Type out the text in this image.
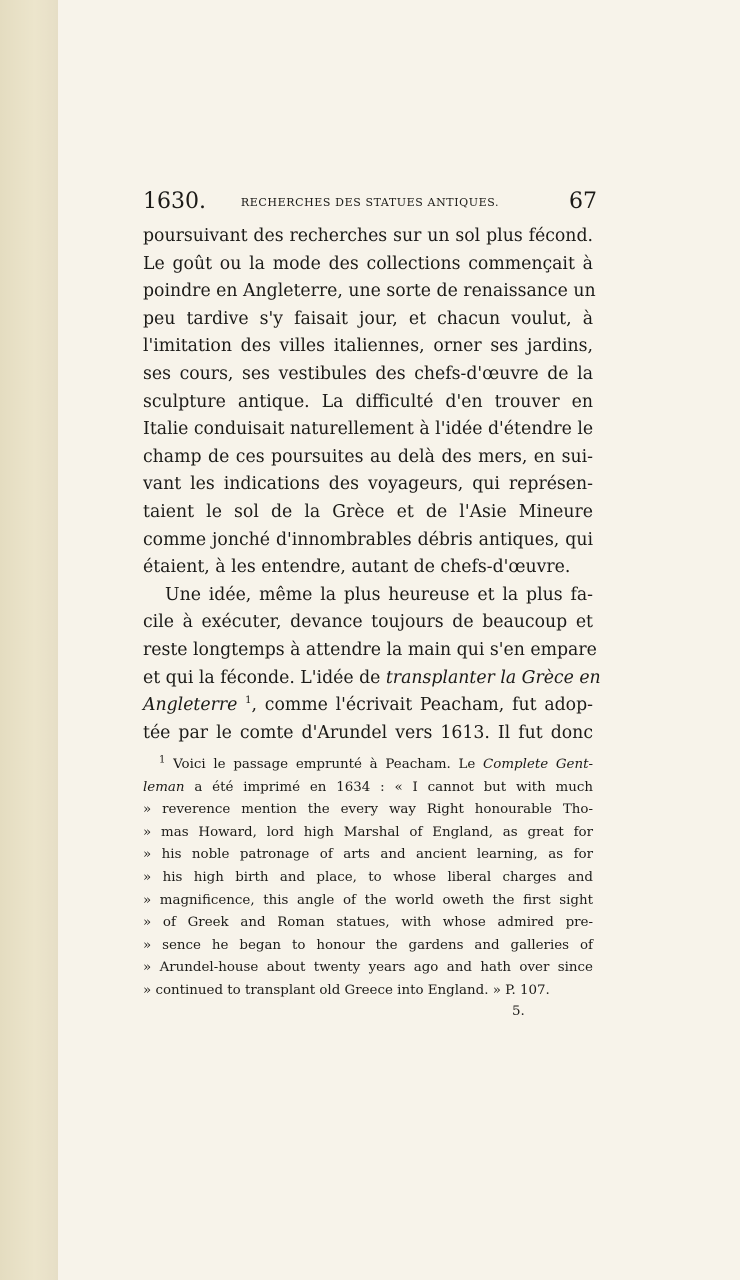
1630.	RECHERCHES DES STATUES ANTIQUES.	67
poursuivant des recherches sur un sol plus fécond.
Le goût ou la mode des collections commençait à
poindre en Angleterre, une sorte de renaissance un
peu tardive s'y faisait jour, et chacun voulut, à
l'imitation des villes italiennes, orner ses jardins,
ses cours, ses vestibules des chefs-d'œuvre de la
sculpture antique. La difficulté d'en trouver en
Italie conduisait naturellement à l'idée d'étendre le
champ de ces poursuites au delà des mers, en sui-
vant les indications des voyageurs, qui représen-
taient le sol de la Grèce et de l'Asie Mineure
comme jonché d'innombrables débris antiques, qui
étaient, à les entendre, autant de chefs-d'œuvre.
Une idée, même la plus heureuse et la plus fa-
cile à exécuter, devance toujours de beaucoup et
reste longtemps à attendre la main qui s'en empare
et qui la féconde. L'idée de transplanter la Grèce en
Angleterre $^1$, comme l'écrivait Peacham, fut adop-
tée par le comte d'Arundel vers 1613. Il fut donc
$^1$ Voici le passage emprunté à Peacham. Le Complete Gent-
leman a été imprimé en 1634 : « I cannot but with much
» reverence mention the every way Right honourable Tho-
» mas Howard, lord high Marshal of England, as great for
» his noble patronage of arts and ancient learning, as for
» his high birth and place, to whose liberal charges and
» magnificence, this angle of the world oweth the first sight
» of Greek and Roman statues, with whose admired pre-
» sence he began to honour the gardens and galleries of
» Arundel-house about twenty years ago and hath over since
» continued to transplant old Greece into England. » P. 107.
5.
